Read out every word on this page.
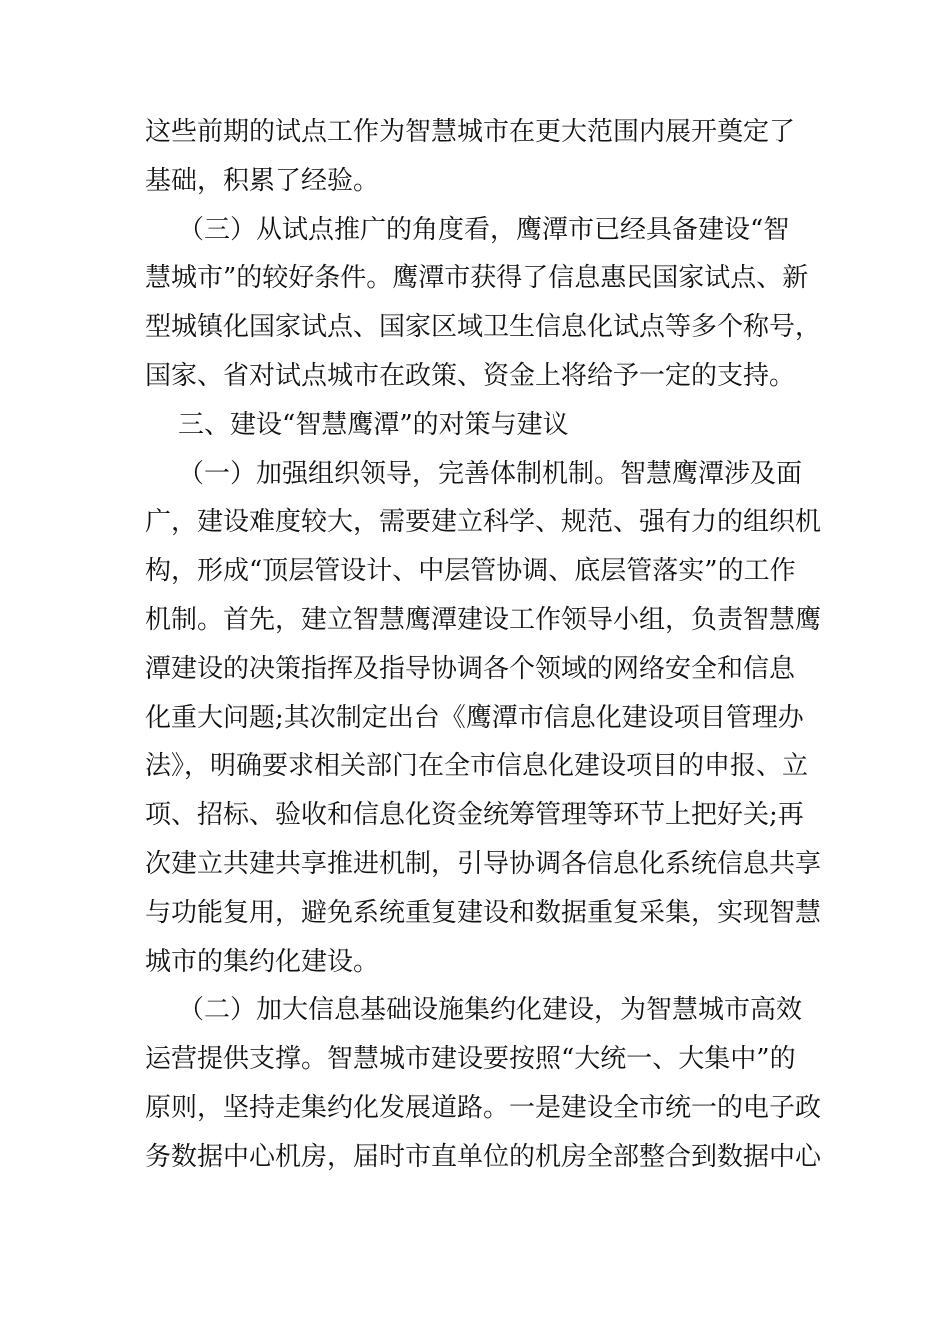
这些前期的试点工作为智慧城市在更大范围内展开奠定了
基础，积累了经验。
（三）从试点推广的角度看，鹰潭市已经具备建设“智
慧城市”的较好条件。鹰潭市获得了信息惠民国家试点、新
型城镇化国家试点、国家区域卫生信息化试点等多个称号，
国家、省对试点城市在政策、资金上将给予一定的支持。
三、建设“智慧鹰潭”的对策与建议
（一）加强组织领导，完善体制机制。智慧鹰潭涉及面
广，建设难度较大，需要建立科学、规范、强有力的组织机
构，形成“顶层管设计、中层管协调、底层管落实”的工作
机制。首先，建立智慧鹰潭建设工作领导小组，负责智慧鹰
潭建设的决策指挥及指导协调各个领域的网络安全和信息
化重大问题;其次制定出台《鹰潭市信息化建设项目管理办
法》，明确要求相关部门在全市信息化建设项目的申报、立
项、招标、验收和信息化资金统筹管理等环节上把好关;再
次建立共建共享推进机制，引导协调各信息化系统信息共享
与功能复用，避免系统重复建设和数据重复采集，实现智慧
城市的集约化建设。
（二）加大信息基础设施集约化建设，为智慧城市高效
运营提供支撑。智慧城市建设要按照“大统一、大集中”的
原则，坚持走集约化发展道路。一是建设全市统一的电子政
务数据中心机房，届时市直单位的机房全部整合到数据中心
